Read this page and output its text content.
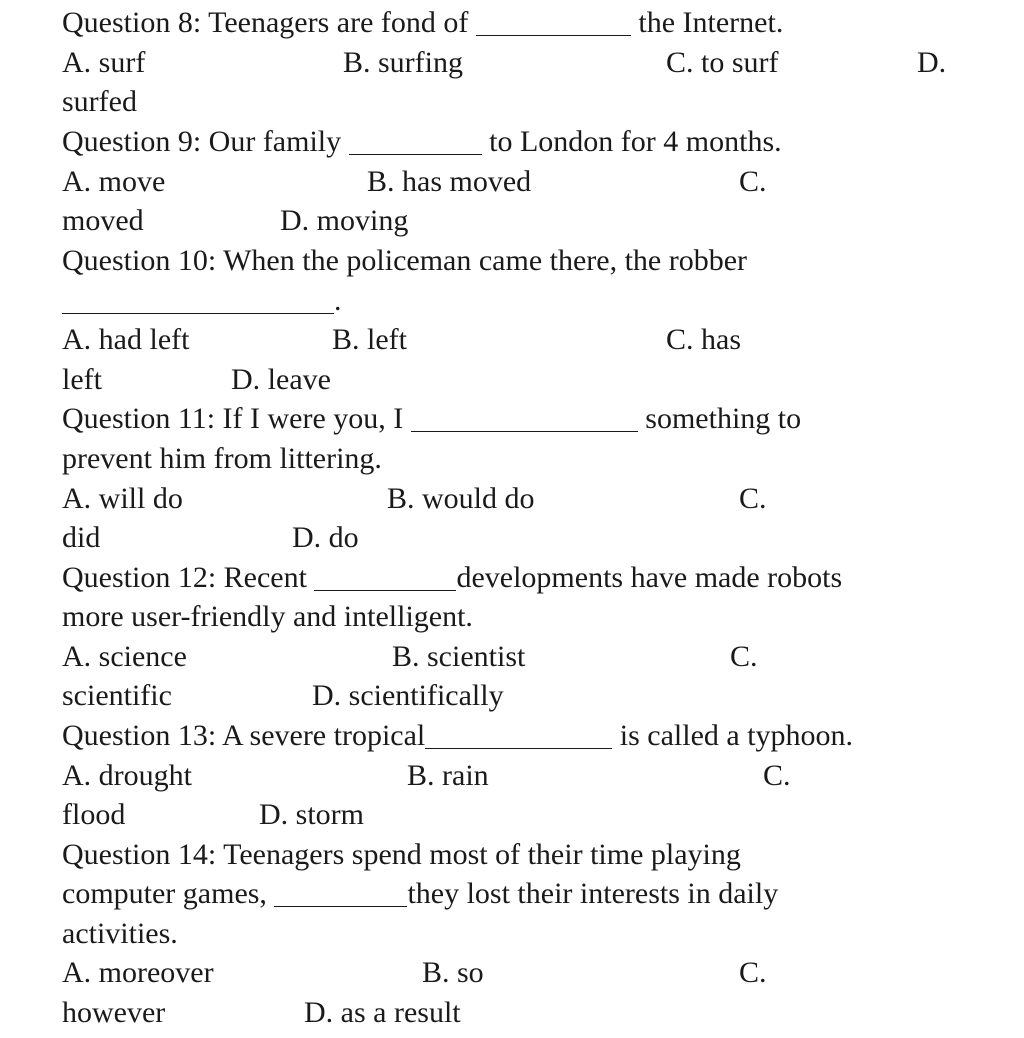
Question 8: Teenagers are fond of	the Internet.
A. surf	B. surfing	C. to surf	D.
surfed
Question 9: Our family	to London for 4 months.
A. move	B. has moved	C.
moved	D. moving
Question 10: When the policeman came there, the robber
.
A. had left	B. left	C. has
left	D. leave
Question 11: If I were you, I	something to
prevent him from littering.
A. will do	B. would do	C.
did	D. do
Question 12: Recent	developments have made robots
more user-friendly and intelligent.
A. science	B. scientist	C.
scientific	D. scientifically
Question 13: A severe tropical	is called a typhoon.
A. drought	B. rain	C.
flood	D. storm
Question 14: Teenagers spend most of their time playing
computer games,	they lost their interests in daily
activities.
A. moreover	B. so	C.
however	D. as a result
